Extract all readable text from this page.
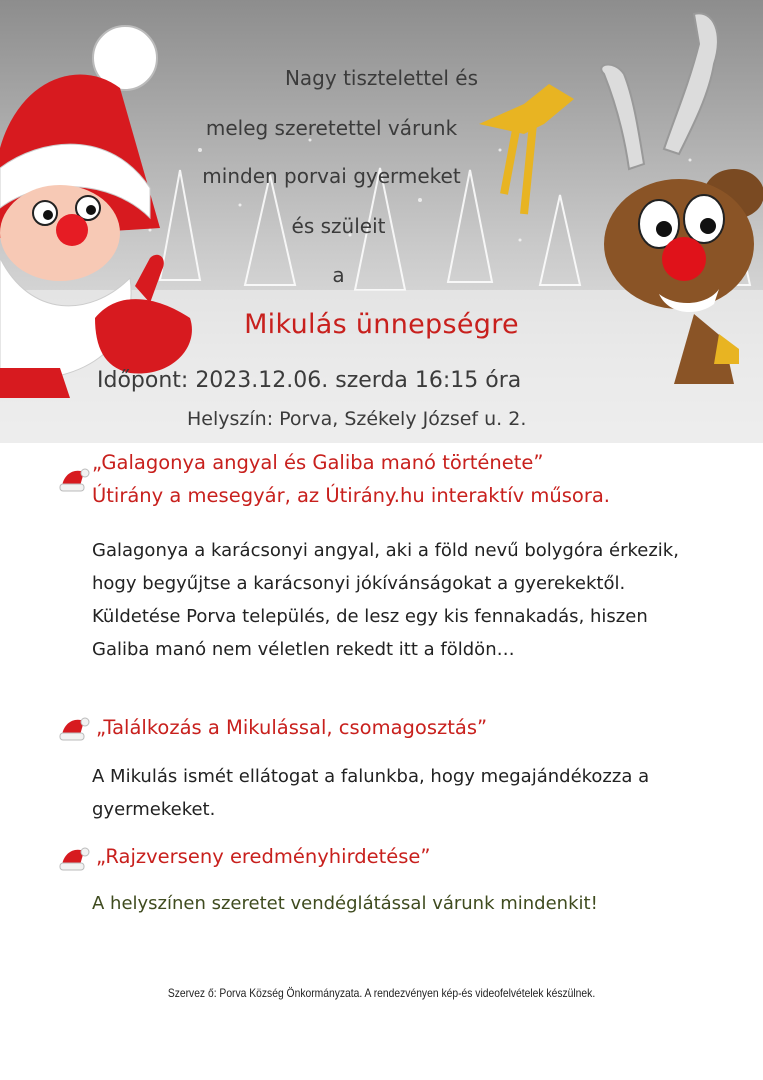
Nagy tisztelettel és
meleg szeretettel várunk
minden porvai gyermeket
és szüleit
a
Mikulás ünnepségre
Időpont: 2023.12.06. szerda 16:15 óra
Helyszín: Porva, Székely József u. 2.
„Galagonya angyal és Galiba manó története”
Útirány a mesegyár, az Útirány.hu interaktív műsora.
Galagonya a karácsonyi angyal, aki a föld nevű bolygóra érkezik, hogy begyűjtse a karácsonyi jókívánságokat a gyerekektől. Küldetése Porva település, de lesz egy kis fennakadás, hiszen Galiba manó nem véletlen rekedt itt a földön…
„Találkozás a Mikulással, csomagosztás”
A Mikulás ismét ellátogat a falunkba, hogy megajándékozza a gyermekeket.
„Rajzverseny eredményhirdetése”
A helyszínen szeretet vendéglátással várunk mindenkit!
Szervez ő: Porva Község Önkormányzata. A rendezvényen kép-és videofelvételek készülnek.
